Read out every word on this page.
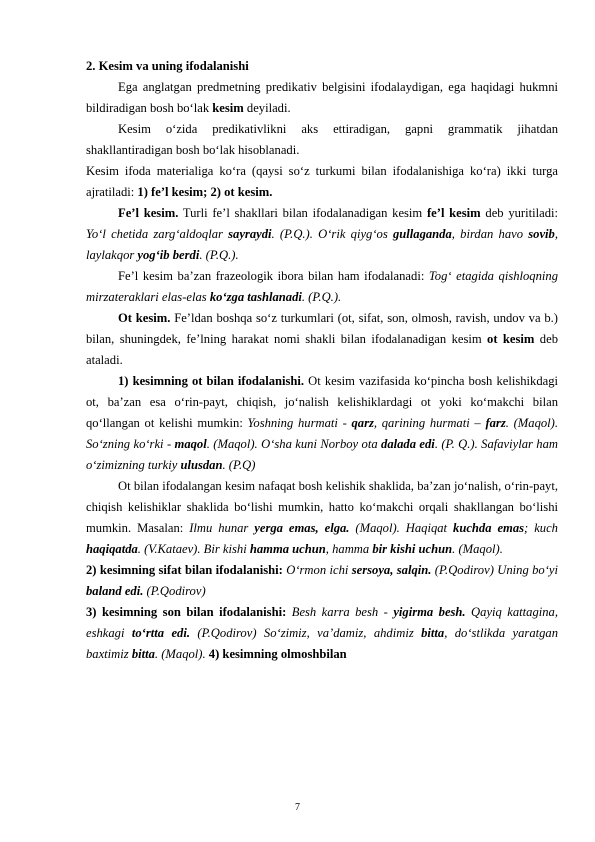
2. Kesim va uning ifodalanishi

Ega anglatgan predmetning predikativ belgisini ifodalaydigan, ega haqidagi hukmni bildiradigan bosh bo‘lak kesim deyiladi.

Kesim o‘zida predikativlikni aks ettiradigan, gapni grammatik jihatdan shakllantiradigan bosh bo‘lak hisoblanadi.

Kesim ifoda materialiga ko‘ra (qaysi so‘z turkumi bilan ifodalanishiga ko‘ra) ikki turga ajratiladi: 1) fe’l kesim; 2) ot kesim.

Fe’l kesim. Turli fe’l shakllari bilan ifodalanadigan kesim fe’l kesim deb yuritiladi: Yo‘l chetida zarg‘aldoqlar sayraydi. (P.Q.). O‘rik qiyg‘os gullaganda, birdan havo sovib, laylakqor yog‘ib berdi. (P.Q.).

Fe’l kesim ba’zan frazeologik ibora bilan ham ifodalanadi: Tog‘ etagida qishloqning mirzateraklari elas-elas ko‘zga tashlanadi. (P.Q.).

Ot kesim. Fe’ldan boshqa so‘z turkumlari (ot, sifat, son, olmosh, ravish, undov va b.) bilan, shuningdek, fe’lning harakat nomi shakli bilan ifodalanadigan kesim ot kesim deb ataladi.

1) kesimning ot bilan ifodalanishi. Ot kesim vazifasida ko‘pincha bosh kelishikdagi ot, ba’zan esa o‘rin-payt, chiqish, jo‘nalish kelishiklardagi ot yoki ko‘makchi bilan qo‘llangan ot kelishi mumkin: Yoshning hurmati - qarz, qarining hurmati – farz. (Maqol). So‘zning ko‘rki - maqol. (Maqol). O‘sha kuni Norboy ota dalada edi. (P. Q.). Safaviylar ham o‘zimizning turkiy ulusdan. (P.Q)

Ot bilan ifodalangan kesim nafaqat bosh kelishik shaklida, ba’zan jo‘nalish, o‘rin-payt, chiqish kelishiklar shaklida bo‘lishi mumkin, hatto ko‘makchi orqali shakllangan bo‘lishi mumkin. Masalan: Ilmu hunar yerga emas, elga. (Maqol). Haqiqat kuchda emas; kuch haqiqatda. (V.Kataev). Bir kishi hamma uchun, hamma bir kishi uchun. (Maqol).

2) kesimning sifat bilan ifodalanishi: O‘rmon ichi sersoya, salqin. (P.Qodirov) Uning bo‘yi baland edi. (P.Qodirov)

3) kesimning son bilan ifodalanishi: Besh karra besh - yigirma besh. Qayiq kattagina, eshkagi to‘rtta edi. (P.Qodirov) So‘zimiz, va’damiz, ahdimiz bitta, do‘stlikda yaratgan baxtimiz bitta. (Maqol). 4) kesimning olmoshbilan

7
